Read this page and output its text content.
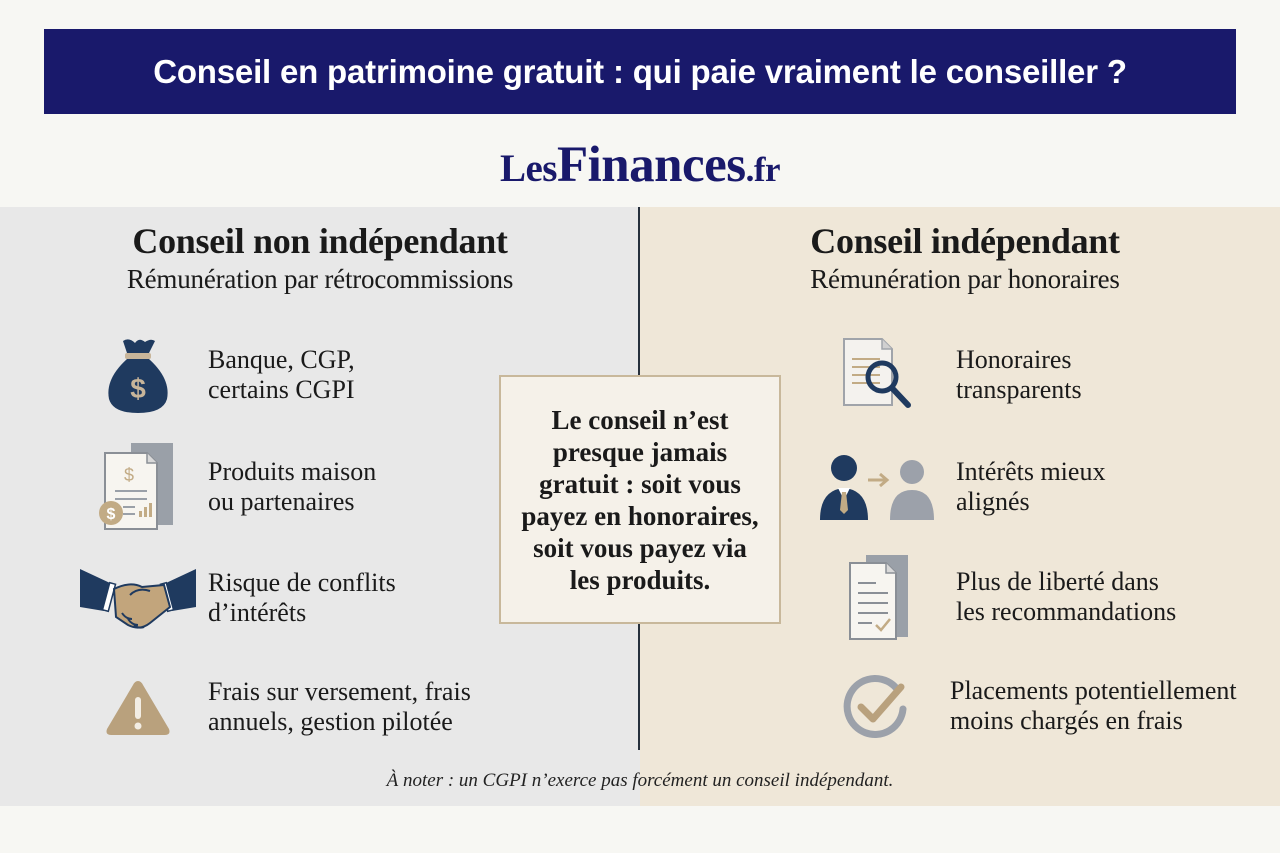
Conseil en patrimoine gratuit : qui paie vraiment le conseiller ?
LesFinances.fr
Conseil non indépendant
Rémunération par rétrocommissions
Conseil indépendant
Rémunération par honoraires
$
Banque, CGP,
certains CGPI
$
$
Produits maison
ou partenaires
Risque de conflits
d’intérêts
Frais sur versement, frais
annuels, gestion pilotée
Le conseil n’est
presque jamais
gratuit : soit vous
payez en honoraires,
soit vous payez via
les produits.
Honoraires
transparents
Intérêts mieux
alignés
Plus de liberté dans
les recommandations
Placements potentiellement
moins chargés en frais
À noter : un CGPI n’exerce pas forcément un conseil indépendant.
